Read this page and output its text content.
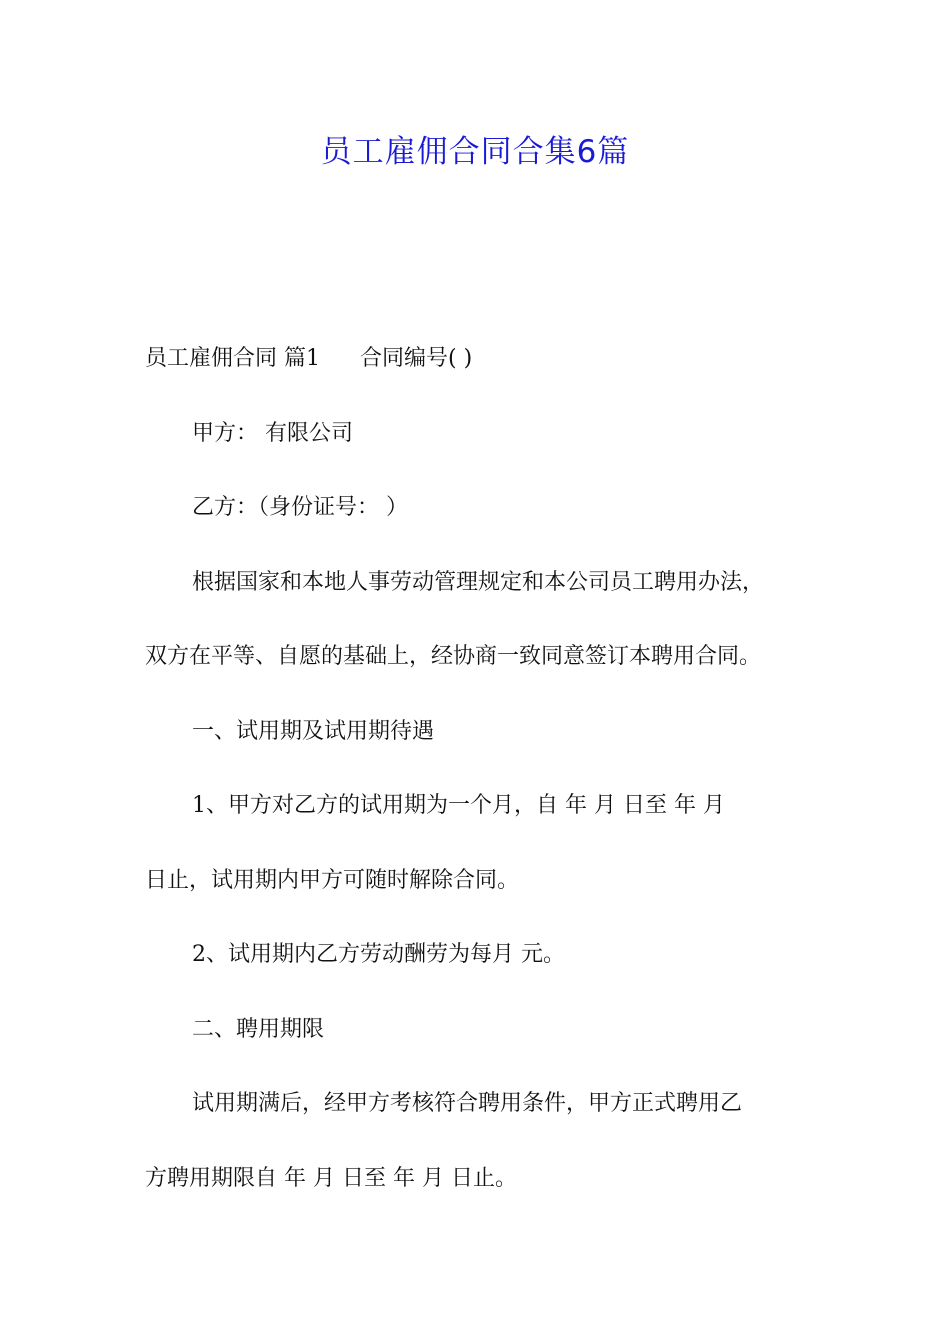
员工雇佣合同合集6篇
员工雇佣合同 篇1 合同编号( )
甲方： 有限公司
乙方：（身份证号： ）
根据国家和本地人事劳动管理规定和本公司员工聘用办法，
双方在平等、自愿的基础上，经协商一致同意签订本聘用合同。
一、试用期及试用期待遇
1、甲方对乙方的试用期为一个月，自 年 月 日至 年 月
日止，试用期内甲方可随时解除合同。
2、试用期内乙方劳动酬劳为每月 元。
二、聘用期限
试用期满后，经甲方考核符合聘用条件，甲方正式聘用乙
方聘用期限自 年 月 日至 年 月 日止。
